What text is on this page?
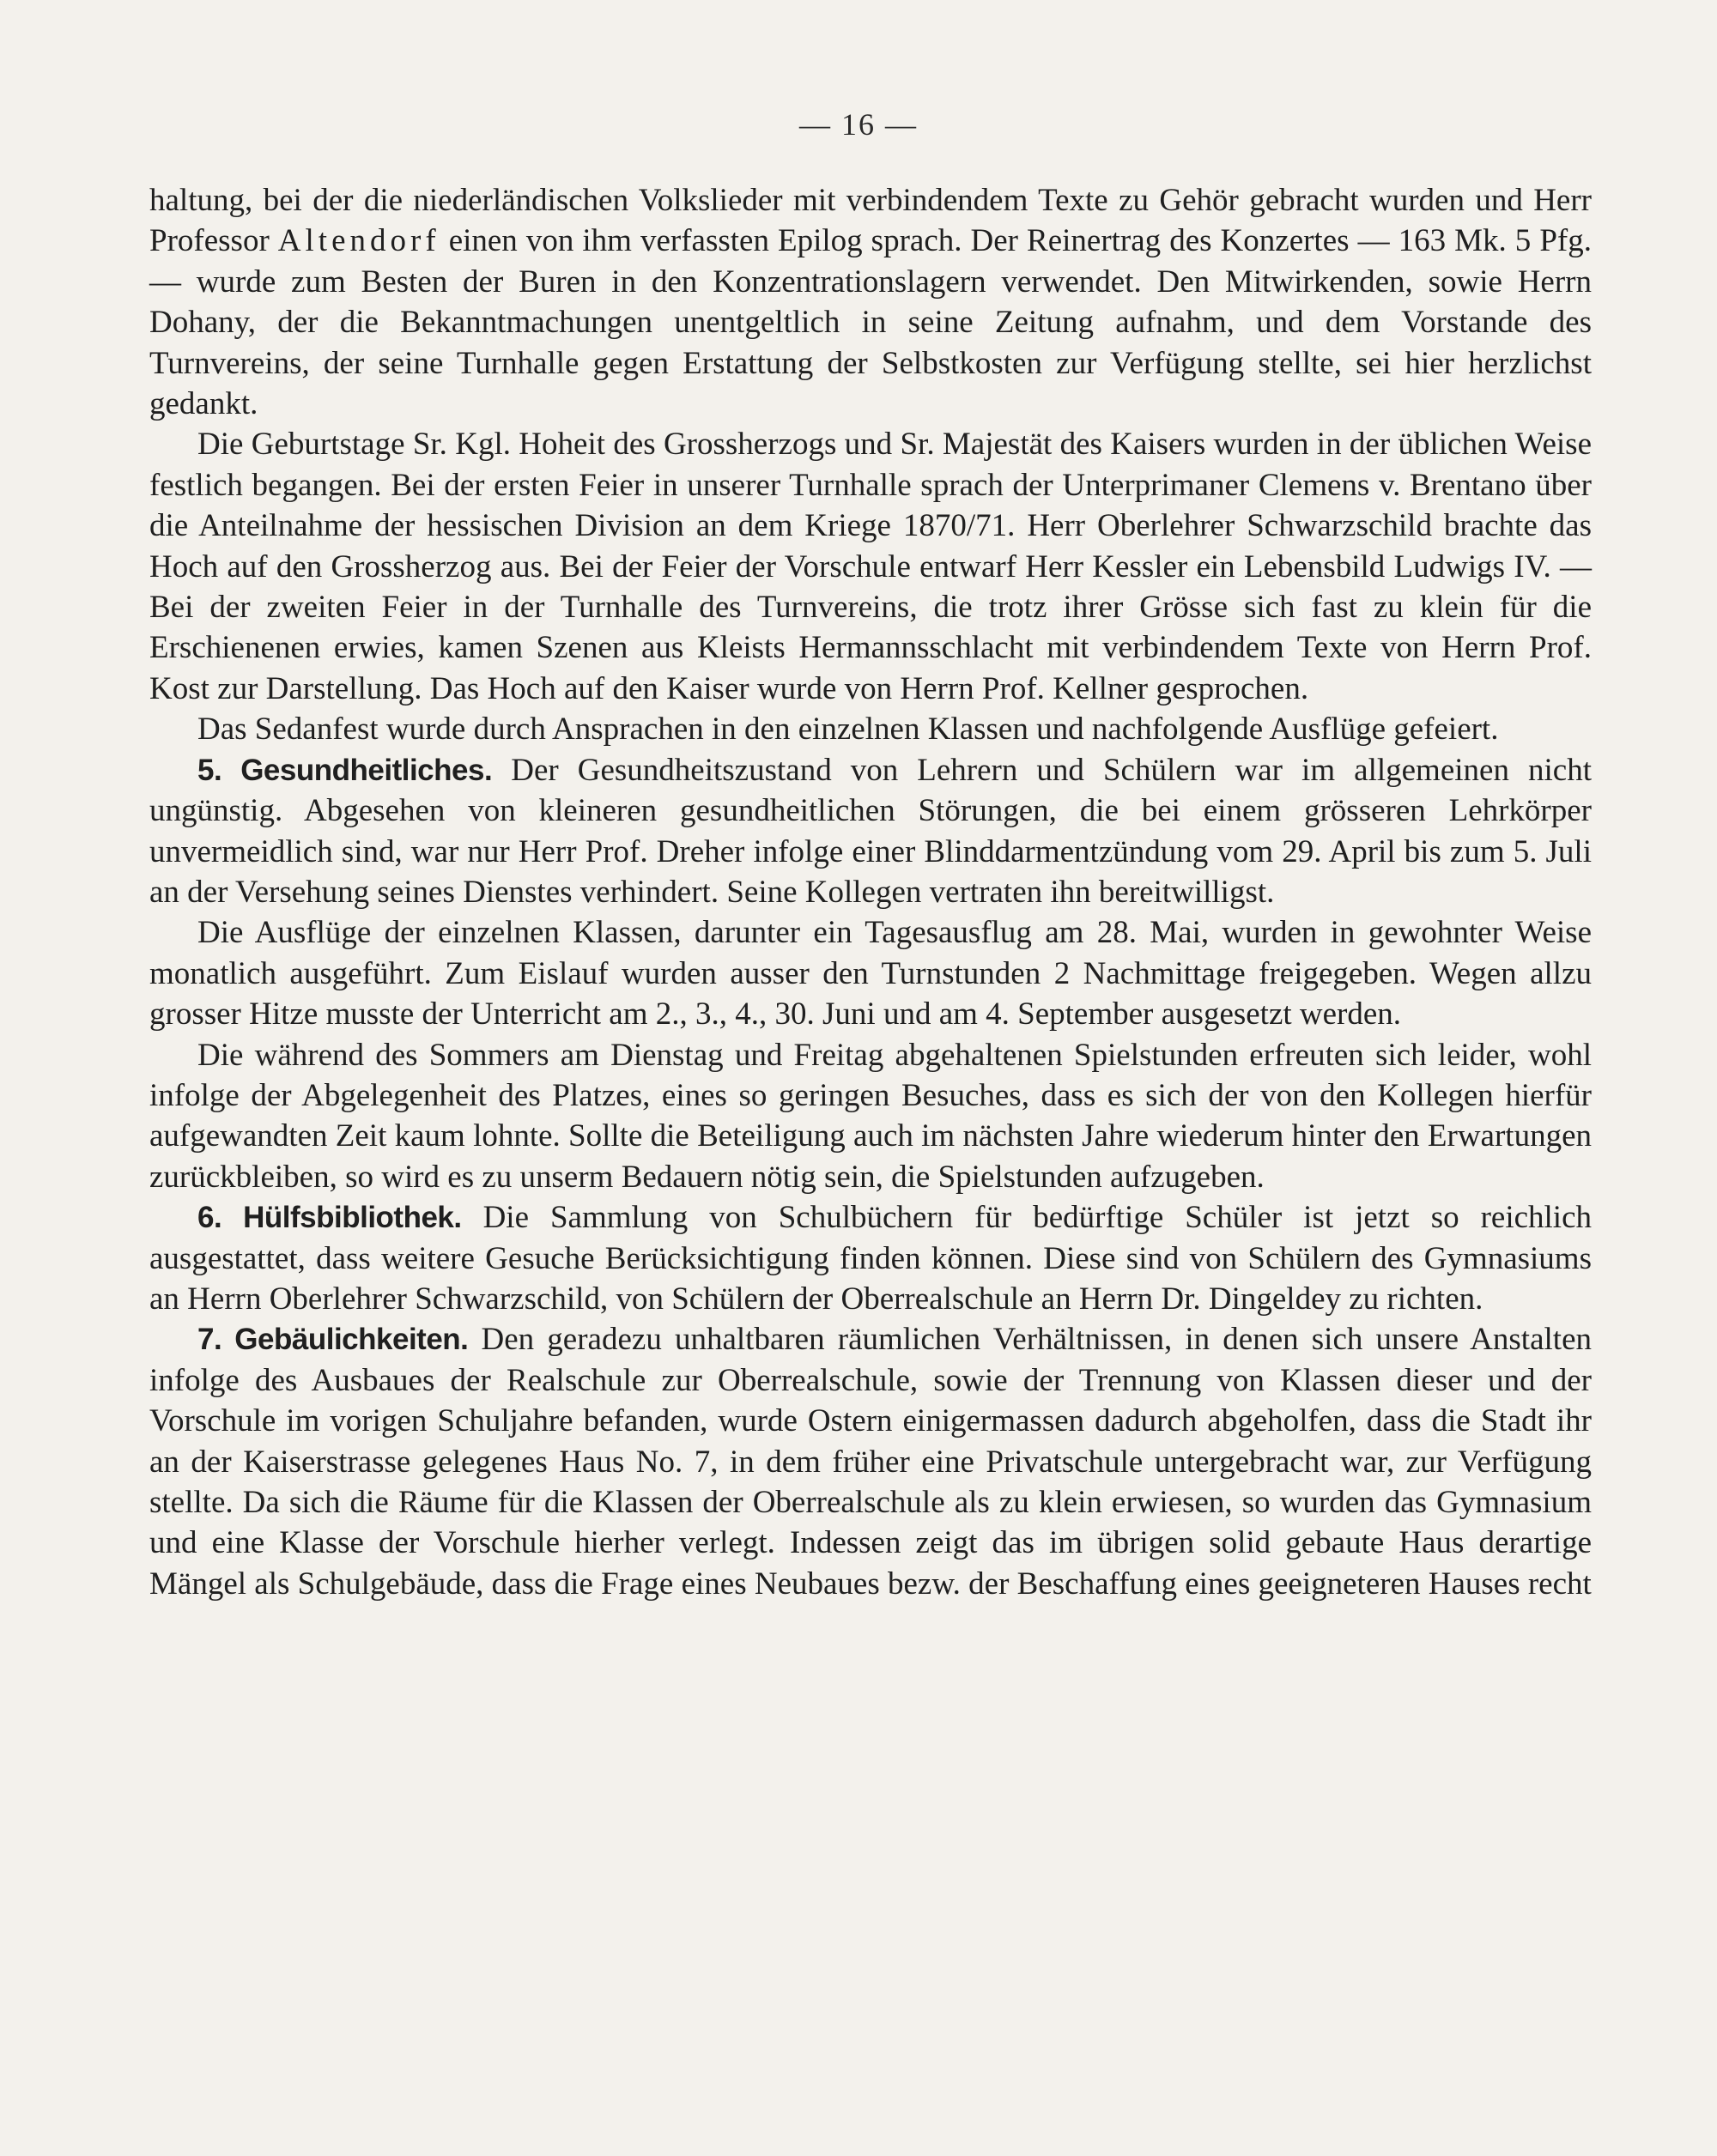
— 16 —

haltung, bei der die niederländischen Volkslieder mit verbindendem Texte zu Gehör gebracht wurden und Herr Professor Altendorf einen von ihm verfassten Epilog sprach. Der Reinertrag des Konzertes — 163 Mk. 5 Pfg. — wurde zum Besten der Buren in den Konzentrationslagern verwendet. Den Mitwirkenden, sowie Herrn Dohany, der die Bekanntmachungen unentgeltlich in seine Zeitung aufnahm, und dem Vorstande des Turnvereins, der seine Turnhalle gegen Erstattung der Selbstkosten zur Verfügung stellte, sei hier herzlichst gedankt.

Die Geburtstage Sr. Kgl. Hoheit des Grossherzogs und Sr. Majestät des Kaisers wurden in der üblichen Weise festlich begangen. Bei der ersten Feier in unserer Turnhalle sprach der Unterprimaner Clemens v. Brentano über die Anteilnahme der hessischen Division an dem Kriege 1870/71. Herr Oberlehrer Schwarzschild brachte das Hoch auf den Grossherzog aus. Bei der Feier der Vorschule entwarf Herr Kessler ein Lebensbild Ludwigs IV. — Bei der zweiten Feier in der Turnhalle des Turnvereins, die trotz ihrer Grösse sich fast zu klein für die Erschienenen erwies, kamen Szenen aus Kleists Hermannsschlacht mit verbindendem Texte von Herrn Prof. Kost zur Darstellung. Das Hoch auf den Kaiser wurde von Herrn Prof. Kellner gesprochen.

Das Sedanfest wurde durch Ansprachen in den einzelnen Klassen und nachfolgende Ausflüge gefeiert.

5. Gesundheitliches. Der Gesundheitszustand von Lehrern und Schülern war im allgemeinen nicht ungünstig. Abgesehen von kleineren gesundheitlichen Störungen, die bei einem grösseren Lehrkörper unvermeidlich sind, war nur Herr Prof. Dreher infolge einer Blinddarmentzündung vom 29. April bis zum 5. Juli an der Versehung seines Dienstes verhindert. Seine Kollegen vertraten ihn bereitwilligst.

Die Ausflüge der einzelnen Klassen, darunter ein Tagesausflug am 28. Mai, wurden in gewohnter Weise monatlich ausgeführt. Zum Eislauf wurden ausser den Turnstunden 2 Nachmittage freigegeben. Wegen allzu grosser Hitze musste der Unterricht am 2., 3., 4., 30. Juni und am 4. September ausgesetzt werden.

Die während des Sommers am Dienstag und Freitag abgehaltenen Spielstunden erfreuten sich leider, wohl infolge der Abgelegenheit des Platzes, eines so geringen Besuches, dass es sich der von den Kollegen hierfür aufgewandten Zeit kaum lohnte. Sollte die Beteiligung auch im nächsten Jahre wiederum hinter den Erwartungen zurückbleiben, so wird es zu unserm Bedauern nötig sein, die Spielstunden aufzugeben.

6. Hülfsbibliothek. Die Sammlung von Schulbüchern für bedürftige Schüler ist jetzt so reichlich ausgestattet, dass weitere Gesuche Berücksichtigung finden können. Diese sind von Schülern des Gymnasiums an Herrn Oberlehrer Schwarzschild, von Schülern der Oberrealschule an Herrn Dr. Dingeldey zu richten.

7. Gebäulichkeiten. Den geradezu unhaltbaren räumlichen Verhältnissen, in denen sich unsere Anstalten infolge des Ausbaues der Realschule zur Oberrealschule, sowie der Trennung von Klassen dieser und der Vorschule im vorigen Schuljahre befanden, wurde Ostern einigermassen dadurch abgeholfen, dass die Stadt ihr an der Kaiserstrasse gelegenes Haus No. 7, in dem früher eine Privatschule untergebracht war, zur Verfügung stellte. Da sich die Räume für die Klassen der Oberrealschule als zu klein erwiesen, so wurden das Gymnasium und eine Klasse der Vorschule hierher verlegt. Indessen zeigt das im übrigen solid gebaute Haus derartige Mängel als Schulgebäude, dass die Frage eines Neubaues bezw. der Beschaffung eines geeigneteren Hauses recht
